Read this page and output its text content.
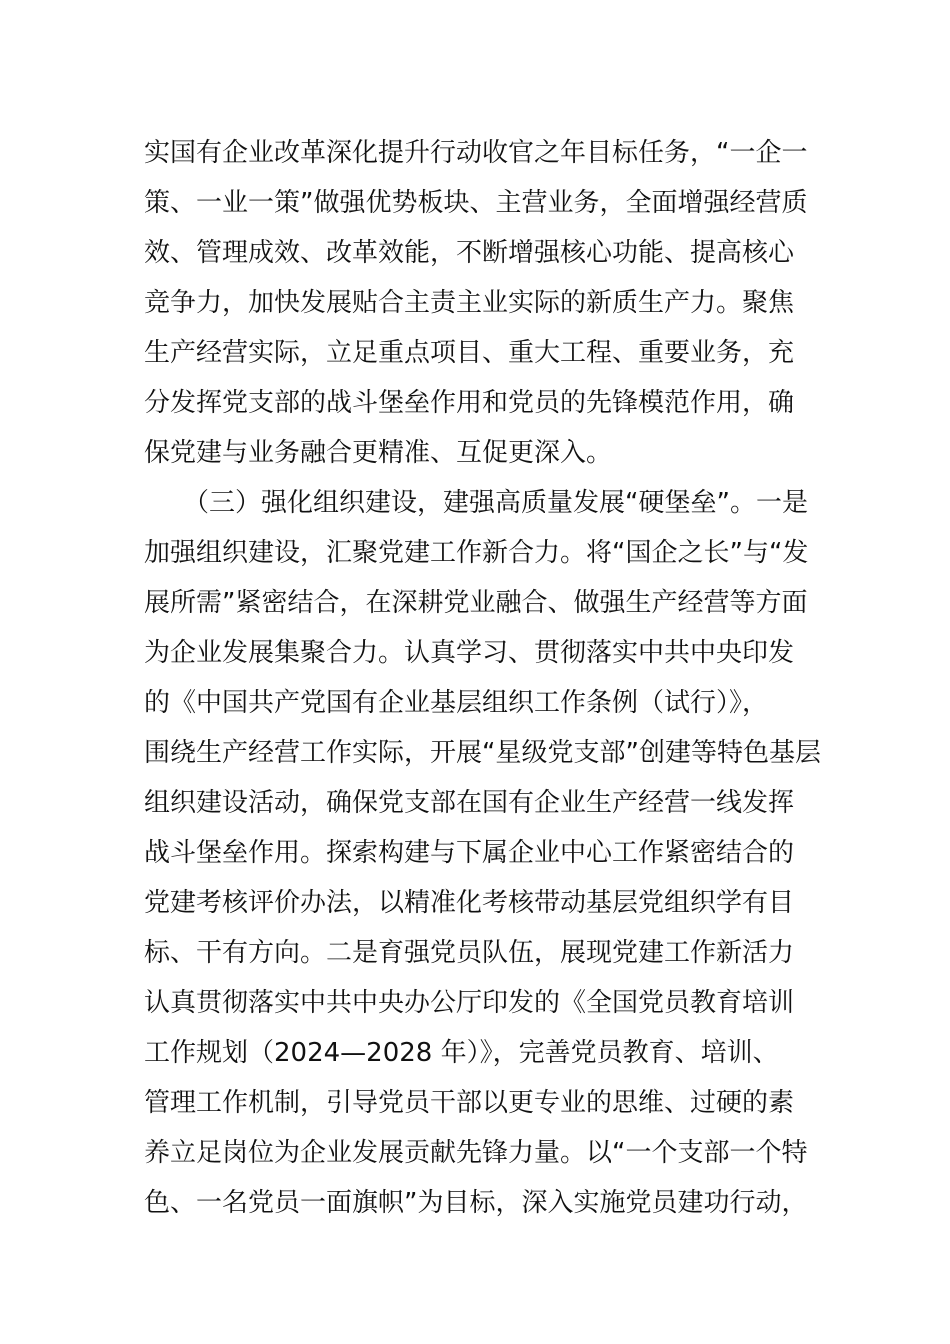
实国有企业改革深化提升行动收官之年目标任务，“一企一
策、一业一策”做强优势板块、主营业务，全面增强经营质
效、管理成效、改革效能，不断增强核心功能、提高核心
竞争力，加快发展贴合主责主业实际的新质生产力。聚焦
生产经营实际，立足重点项目、重大工程、重要业务，充
分发挥党支部的战斗堡垒作用和党员的先锋模范作用，确
保党建与业务融合更精准、互促更深入。
　　（三）强化组织建设，建强高质量发展“硬堡垒”。一是
加强组织建设，汇聚党建工作新合力。将“国企之长”与“发
展所需”紧密结合，在深耕党业融合、做强生产经营等方面
为企业发展集聚合力。认真学习、贯彻落实中共中央印发
的《中国共产党国有企业基层组织工作条例（试行）》，
围绕生产经营工作实际，开展“星级党支部”创建等特色基层
组织建设活动，确保党支部在国有企业生产经营一线发挥
战斗堡垒作用。探索构建与下属企业中心工作紧密结合的
党建考核评价办法，以精准化考核带动基层党组织学有目
标、干有方向。二是育强党员队伍，展现党建工作新活力
认真贯彻落实中共中央办公厅印发的《全国党员教育培训
工作规划（2024—2028 年）》，完善党员教育、培训、
管理工作机制，引导党员干部以更专业的思维、过硬的素
养立足岗位为企业发展贡献先锋力量。以“一个支部一个特
色、一名党员一面旗帜”为目标，深入实施党员建功行动，
